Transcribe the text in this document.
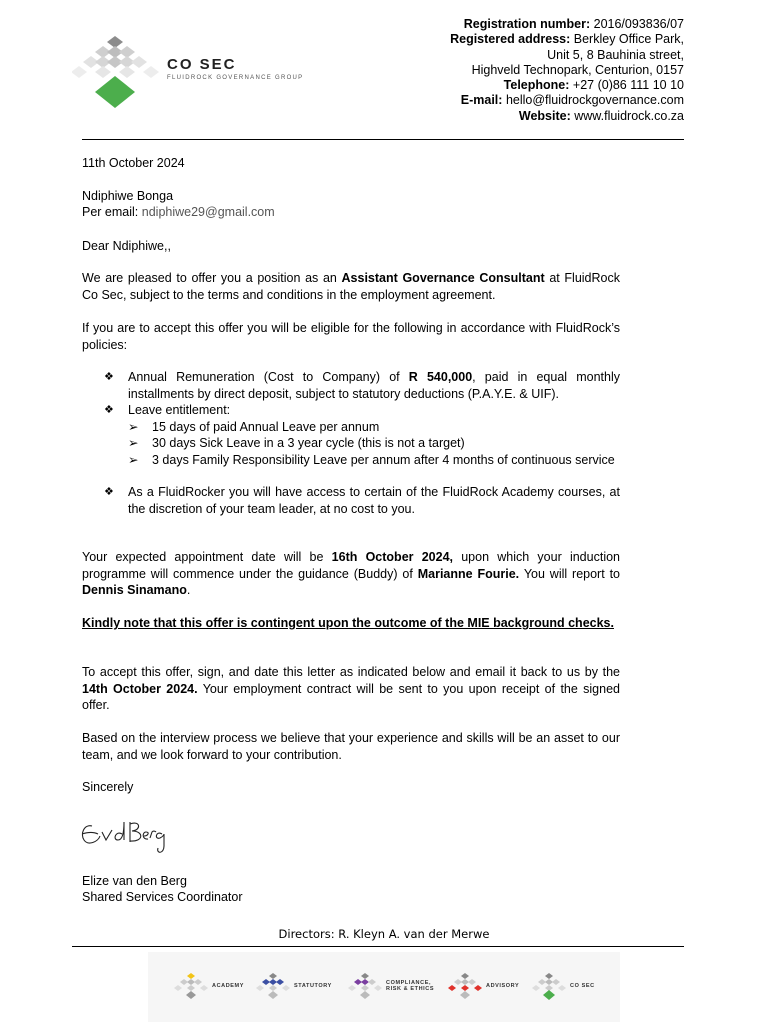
CO SEC
FLUIDROCK GOVERNANCE GROUP
Registration number: 2016/093836/07
Registered address: Berkley Office Park,
Unit 5, 8 Bauhinia street,
Highveld Technopark, Centurion, 0157
Telephone: +27 (0)86 111 10 10
E-mail: hello@fluidrockgovernance.com
Website: www.fluidrock.co.za
11th October 2024
Ndiphiwe Bonga
Per email: ndiphiwe29@gmail.com
Dear Ndiphiwe,,
We are pleased to offer you a position as an Assistant Governance Consultant at FluidRock Co Sec, subject to the terms and conditions in the employment agreement.
If you are to accept this offer you will be eligible for the following in accordance with FluidRock’s policies:
❖ Annual Remuneration (Cost to Company) of R 540,000, paid in equal monthly installments by direct deposit, subject to statutory deductions (P.A.Y.E. & UIF).
❖ Leave entitlement:
➢ 15 days of paid Annual Leave per annum
➢ 30 days Sick Leave in a 3 year cycle (this is not a target)
➢ 3 days Family Responsibility Leave per annum after 4 months of continuous service
❖ As a FluidRocker you will have access to certain of the FluidRock Academy courses, at the discretion of your team leader, at no cost to you.
Your expected appointment date will be 16th October 2024, upon which your induction programme will commence under the guidance (Buddy) of Marianne Fourie. You will report to Dennis Sinamano.
Kindly note that this offer is contingent upon the outcome of the MIE background checks.
To accept this offer, sign, and date this letter as indicated below and email it back to us by the 14th October 2024. Your employment contract will be sent to you upon receipt of the signed offer.
Based on the interview process we believe that your experience and skills will be an asset to our team, and we look forward to your contribution.
Sincerely
Elize van den Berg
Shared Services Coordinator
Directors: R. Kleyn A. van der Merwe
ACADEMY	STATUTORY	COMPLIANCE, RISK & ETHICS	ADVISORY	CO SEC
